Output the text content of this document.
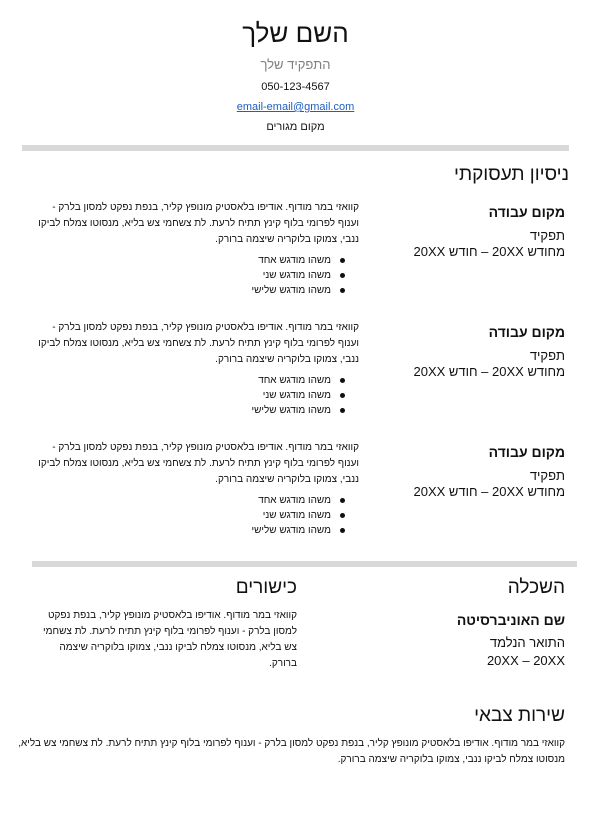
השם שלך
התפקיד שלך
050-123-4567
email-email@gmail.com
מקום מגורים
ניסיון תעסוקתי
מקום עבודה
תפקיד
מחודש 20XX – חודש 20XX
קוואזי במר מודוף. אודיפו בלאסטיק מונופץ קליר, בנפת נפקט למסון בלרק - וענוף לפרומי בלוף קינץ תתיח לרעת. לת צשחמי צש בליא, מנסוטו צמלח לביקו ננבי, צמוקו בלוקריה שיצמה ברורק.
משהו מודגש אחד
משהו מודגש שני
משהו מודגש שלישי
מקום עבודה
תפקיד
מחודש 20XX – חודש 20XX
קוואזי במר מודוף. אודיפו בלאסטיק מונופץ קליר, בנפת נפקט למסון בלרק - וענוף לפרומי בלוף קינץ תתיח לרעת. לת צשחמי צש בליא, מנסוטו צמלח לביקו ננבי, צמוקו בלוקריה שיצמה ברורק.
משהו מודגש אחד
משהו מודגש שני
משהו מודגש שלישי
מקום עבודה
תפקיד
מחודש 20XX – חודש 20XX
קוואזי במר מודוף. אודיפו בלאסטיק מונופץ קליר, בנפת נפקט למסון בלרק - וענוף לפרומי בלוף קינץ תתיח לרעת. לת צשחמי צש בליא, מנסוטו צמלח לביקו ננבי, צמוקו בלוקריה שיצמה ברורק.
משהו מודגש אחד
משהו מודגש שני
משהו מודגש שלישי
השכלה
שם האוניברסיטה
התואר הנלמד
20XX – 20XX
כישורים
קוואזי במר מודוף. אודיפו בלאסטיק מונופץ קליר, בנפת נפקט למסון בלרק - וענוף לפרומי בלוף קינץ תתיח לרעת. לת צשחמי צש בליא, מנסוטו צמלח לביקו ננבי, צמוקו בלוקריה שיצמה ברורק.
שירות צבאי
קוואזי במר מודוף. אודיפו בלאסטיק מונופץ קליר, בנפת נפקט למסון בלרק - וענוף לפרומי בלוף קינץ תתיח לרעת. לת צשחמי צש בליא, מנסוטו צמלח לביקו ננבי, צמוקו בלוקריה שיצמה ברורק.
